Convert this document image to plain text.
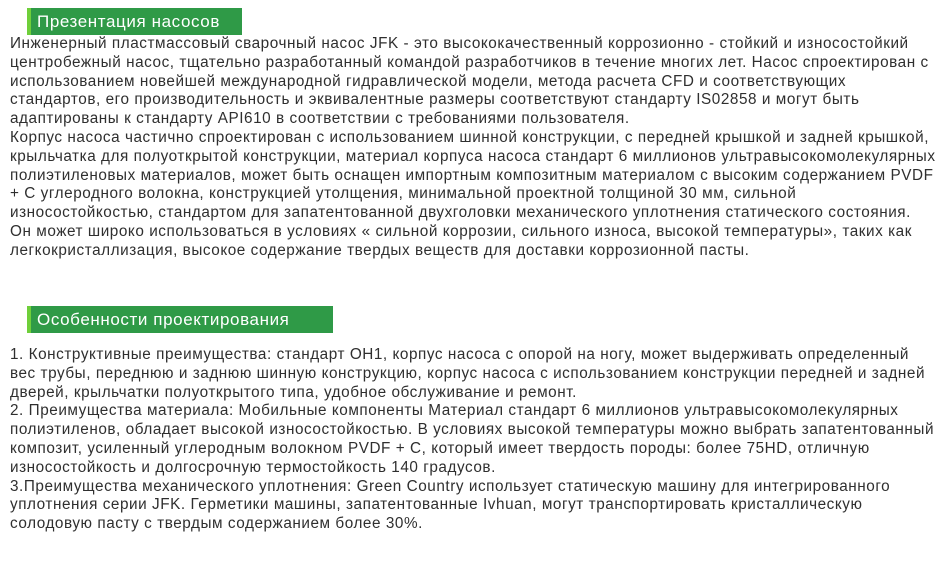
Презентация насосов

Инженерный пластмассовый сварочный насос JFK - это высококачественный коррозионно - стойкий и износостойкий центробежный насос, тщательно разработанный командой разработчиков в течение многих лет. Насос спроектирован с использованием новейшей международной гидравлической модели, метода расчета CFD и соответствующих стандартов, его производительность и эквивалентные размеры соответствуют стандарту IS02858 и могут быть адаптированы к стандарту API610 в соответствии с требованиями пользователя.

Корпус насоса частично спроектирован с использованием шинной конструкции, с передней крышкой и задней крышкой, крыльчатка для полуоткрытой конструкции, материал корпуса насоса стандарт 6 миллионов ультравысокомолекулярных полиэтиленовых материалов, может быть оснащен импортным композитным материалом с высоким содержанием PVDF + C углеродного волокна, конструкцией утолщения, минимальной проектной толщиной 30 мм, сильной износостойкостью, стандартом для запатентованной двухголовки механического уплотнения статического состояния. Он может широко использоваться в условиях « сильной коррозии, сильного износа, высокой температуры», таких как легкокристаллизация, высокое содержание твердых веществ для доставки коррозионной пасты.

Особенности проектирования

1. Конструктивные преимущества: стандарт OH1, корпус насоса с опорой на ногу, может выдерживать определенный вес трубы, переднюю и заднюю шинную конструкцию, корпус насоса с использованием конструкции передней и задней дверей, крыльчатки полуоткрытого типа, удобное обслуживание и ремонт.

2. Преимущества материала: Мобильные компоненты Материал стандарт 6 миллионов ультравысокомолекулярных полиэтиленов, обладает высокой износостойкостью. В условиях высокой температуры можно выбрать запатентованный композит, усиленный углеродным волокном PVDF + C, который имеет твердость породы: более 75HD, отличную износостойкость и долгосрочную термостойкость 140 градусов.

3.Преимущества механического уплотнения: Green Country использует статическую машину для интегрированного уплотнения серии JFK. Герметики машины, запатентованные Ivhuan, могут транспортировать кристаллическую солодовую пасту с твердым содержанием более 30%.
